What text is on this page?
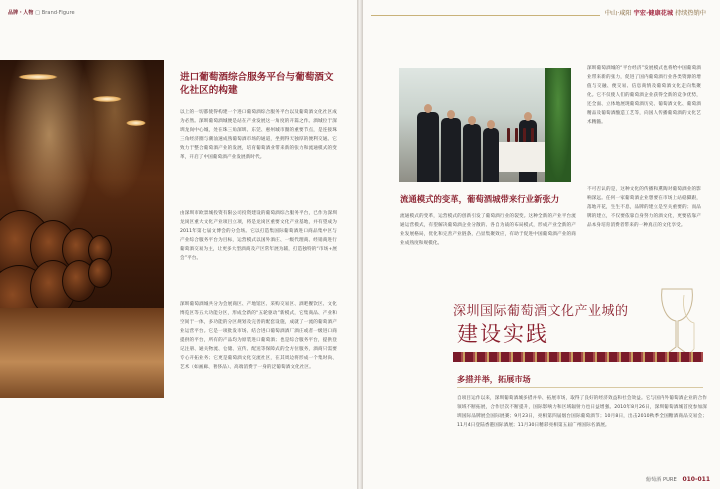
品牌・人物 □ Brand·Figure
进口葡萄酒综合服务平台与葡萄酒文化社区的构建
以上的一切都使得构建一个进口葡萄酒综合服务平台以及葡萄酒文化社区成为必然。深圳葡萄酒城便是站在产业发展这一角度的开篇之作。酒城位于深圳龙岗中心城，处在珠三角深圳、东莞、惠州城市圈的重要节点，是连接珠三角经济圈与潮汕速成熟葡萄酒市场的通道，坐拥得天独厚的便利交通。它致力于整合葡萄酒产业的发展，培育葡萄酒业带来新的张力和流通模式的变革，开启了中国葡萄酒产业发展新时代。
由深圳市欧景城投资有限公司投资建设的葡萄酒综合服务平台，已作为深圳龙岗区重大文化产业项目立项，将是龙岗区重要文化产业基地，并有望成为2011年第七届文博会的分会场。它以打造集国际葡萄酒进口商品集中区与产业综合服务平台为目标，运营模式以国外酒庄、一级代理商、经销商进行葡萄酒交易为主，让更多大型酒商及产区常年展为辅，打造独特的“市场+展会”平台。
深圳葡萄酒城共分为会展商区、产地馆区、采购交易区、酒吧餐饮区、文化博览区等五大功能分区，形成全新的“五轮驱动”新模式，它集商品、产业和空间于一体，多功能的分区规划及完善的配套设施，成就了一流的葡萄酒产业运营平台。它是一项批发市场、结合进口葡萄酒酒厂酒庄或者一级进口商提供的平台，所有的产品均为原装进口葡萄酒；也是综合服务平台，提供登记注册、通关物流、仓储、宣传、配送等保障式的全方位服务，酒商只需要专心开拓业务；它更是葡萄酒文化交流社区，在其周边将形成一个集时尚、艺术（如画廊、奢侈品）、高端消费于一身的泛葡萄酒文化社区。
中山·咸阳 宇宏·健康花城 持续热销中
深圳葡萄酒城的“平台经济”发展模式也将给中国葡萄酒业带来新的张力，促进了国内葡萄酒行业各类资源的增值与交融、便交易、信息商情及葡萄酒文化走向集聚化。它不仅使人们的葡萄酒企业获得全新的竞争优势，还全面、立体地展现葡萄酒历史、葡萄酒文化、葡萄酒精品及葡萄酒酿造工艺等，向国人传播葡萄酒的文化艺术精髓。
不可否认的是，这种文化的传播和熏陶对葡萄酒业的影响深远。任何一家葡萄酒企业想要在市场上站稳脚跟，落地开花，生生不息，品牌的建立是至关重要的；而品牌的建立，不仅要依靠自身努力的酒文化，更要依靠产品本身培育消费者带来的一种真正的文化享受。
流通模式的变革，葡萄酒城带来行业新张力
流通模式的变革，运营模式的创新引发了葡萄酒行业的裂变。这种全新的产业平台流通运营模式，有望解决葡萄酒企业分散的、各自为战的布局模式，形成产业全新的产业发展格局，优化和完善产业链条，凸显集聚效应，有助于促进中国葡萄酒产业的商业成熟度和规模化。
深圳国际葡萄酒文化产业城的
建设实践
多措并举，拓展市场
自项目运作以来，深圳葡萄酒城多措并举、拓展市场，取得了良好的经济效益和社会效益。它与国内外葡萄酒企业的合作领域不断拓展，合作层次不断提升，国际影响力和区域辐射力也日益增强。2010年8月26日，深圳葡萄酒城首度参加深圳国际品牌展会国际展赛；9月23日，亮相第四届烟台国际葡萄酒节；10月8日，出击2010秋季全国糖酒商品交易会；11月4日登陆香港国际酒展；11月30日精彩亮相第五届广州国际名酒展。
葡萄酒 PURE 010-011
